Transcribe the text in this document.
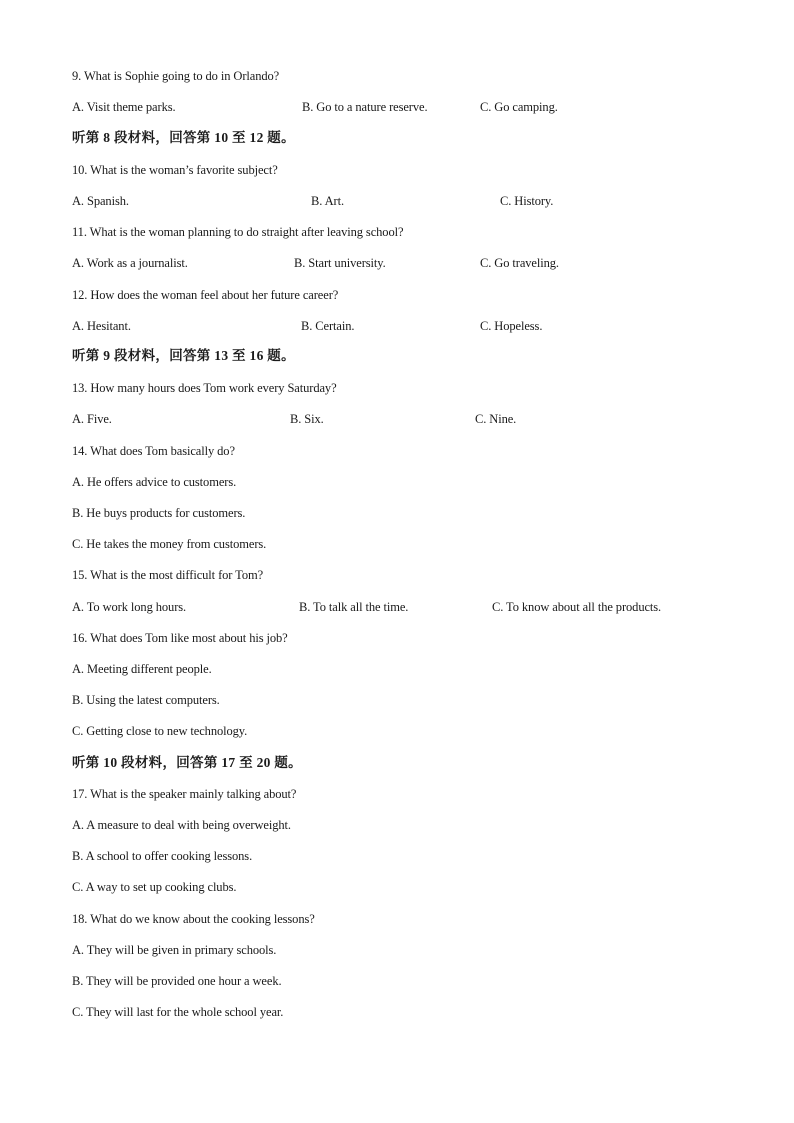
9. What is Sophie going to do in Orlando?
A. Visit theme parks.	B. Go to a nature reserve.	C. Go camping.
听第 8 段材料，回答第 10 至 12 题。
10. What is the woman’s favorite subject?
A. Spanish.	B. Art.	C. History.
11. What is the woman planning to do straight after leaving school?
A. Work as a journalist.	B. Start university.	C. Go traveling.
12. How does the woman feel about her future career?
A. Hesitant.	B. Certain.	C. Hopeless.
听第 9 段材料，回答第 13 至 16 题。
13. How many hours does Tom work every Saturday?
A. Five.	B. Six.	C. Nine.
14. What does Tom basically do?
A. He offers advice to customers.
B. He buys products for customers.
C. He takes the money from customers.
15. What is the most difficult for Tom?
A. To work long hours.	B. To talk all the time.	C. To know about all the products.
16. What does Tom like most about his job?
A. Meeting different people.
B. Using the latest computers.
C. Getting close to new technology.
听第 10 段材料，回答第 17 至 20 题。
17. What is the speaker mainly talking about?
A. A measure to deal with being overweight.
B. A school to offer cooking lessons.
C. A way to set up cooking clubs.
18. What do we know about the cooking lessons?
A. They will be given in primary schools.
B. They will be provided one hour a week.
C. They will last for the whole school year.
